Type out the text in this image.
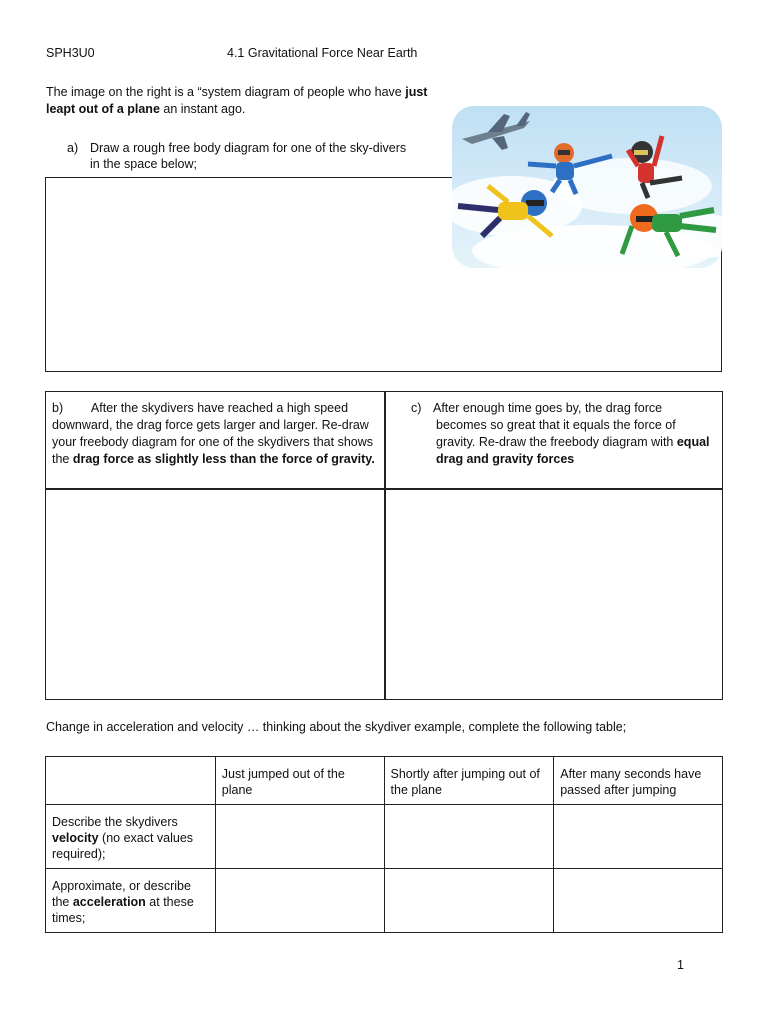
SPH3U0	4.1 Gravitational Force Near Earth
The image on the right is a “system diagram of people who have just leapt out of a plane an instant ago.
a) Draw a rough free body diagram for one of the sky-divers
in the space below;
b) After the skydivers have reached a high speed downward, the drag force gets larger and larger. Re-draw your freebody diagram for one of the skydivers that shows the drag force as slightly less than the force of gravity.
c) After enough time goes by, the drag force
becomes so great that it equals the force of gravity. Re-draw the freebody diagram with equal drag and gravity forces
Change in acceleration and velocity … thinking about the skydiver example, complete the following table;
	Just jumped out of the plane	Shortly after jumping out of the plane	After many seconds have passed after jumping
Describe the skydivers velocity (no exact values required);			
Approximate, or describe the acceleration at these times;			
1
